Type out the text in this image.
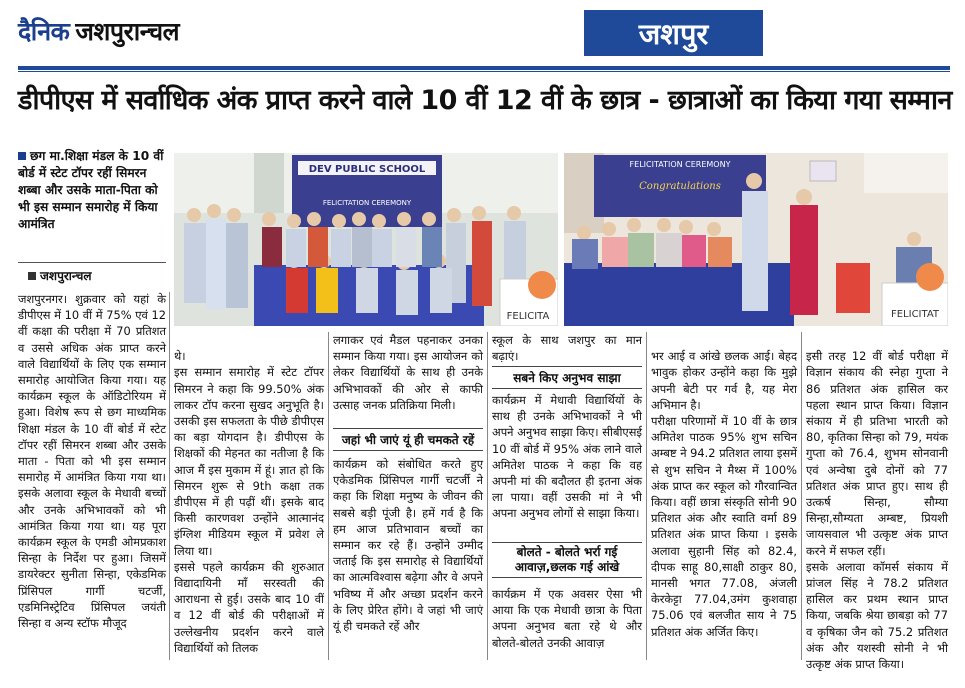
दैनिक जशपुरान्चल	जशपुर
डीपीएस में सर्वाधिक अंक प्राप्त करने वाले 10 वीं 12 वीं के छात्र - छात्राओं का किया गया सम्मान
छग मा.शिक्षा मंडल के 10 वीं बोर्ड में स्टेट टॉपर रहीं सिमरन शब्बा और उसके माता-पिता को भी इस सम्मान समारोह में किया आमंत्रित
जशपुरान्चल
DEV PUBLIC SCHOOL
FELICITATION CEREMONY
FELICITA
FELICITATION CEREMONY
Congratulations
FELICITAT

जशपुरनगर। शुक्रवार को यहां के डीपीएस में 10 वीं में 75% एवं 12 वीं कक्षा की परीक्षा में 70 प्रतिशत व उससे अधिक अंक प्राप्त करने वाले विद्यार्थियों के लिए एक सम्मान समारोह आयोजित किया गया। यह कार्यक्रम स्कूल के ऑडिटोरियम में हुआ। विशेष रूप से छग माध्यमिक शिक्षा मंडल के 10 वीं बोर्ड में स्टेट टॉपर रहीं सिमरन शब्बा और उसके माता - पिता को भी इस सम्मान समारोह में आमंत्रित किया गया था। इसके अलावा स्कूल के मेधावी बच्चों और उनके अभिभावकों को भी आमंत्रित किया गया था। यह पूरा कार्यक्रम स्कूल के एमडी ओमप्रकाश सिन्हा के निर्देश पर हुआ। जिसमें डायरेक्टर सुनीता सिन्हा, एकेडमिक प्रिंसिपल गार्गी चटर्जी, एडमिनिस्ट्रेटिव प्रिंसिपल जयंती सिन्हा व अन्य स्टॉफ मौजूद

थे।
इस सम्मान समारोह में स्टेट टॉपर सिमरन ने कहा कि 99.50% अंक लाकर टॉप करना सुखद अनुभूति है। उसकी इस सफलता के पीछे डीपीएस का बड़ा योगदान है। डीपीएस के शिक्षकों की मेहनत का नतीजा है कि आज मैं इस मुकाम में हूं। ज्ञात हो कि सिमरन शुरू से 9th कक्षा तक डीपीएस में ही पढ़ीं थीं। इसके बाद किसी कारणवश उन्होंने आत्मानंद इंग्लिश मीडियम स्कूल में प्रवेश ले लिया था।
इससे पहले कार्यक्रम की शुरुआत विद्यादायिनी माँ सरस्वती की आराधना से हुई। उसके बाद 10 वीं व 12 वीं बोर्ड की परीक्षाओं में उल्लेखनीय प्रदर्शन करने वाले विद्यार्थियों को तिलक

लगाकर एवं मैडल पहनाकर उनका सम्मान किया गया। इस आयोजन को लेकर विद्यार्थियों के साथ ही उनके अभिभावकों की ओर से काफी उत्साह जनक प्रतिक्रिया मिली।

जहां भी जाएं यूं ही चमकते रहें

कार्यक्रम को संबोधित करते हुए एकेडमिक प्रिंसिपल गार्गी चटर्जी ने कहा कि शिक्षा मनुष्य के जीवन की सबसे बड़ी पूंजी है। हमें गर्व है कि हम आज प्रतिभावान बच्चों का सम्मान कर रहे हैं। उन्होंने उम्मीद जताई कि इस समारोह से विद्यार्थियों का आत्मविश्वास बढ़ेगा और वे अपने भविष्य में और अच्छा प्रदर्शन करने के लिए प्रेरित होंगे। वे जहां भी जाएं यूं ही चमकते रहें और

स्कूल के साथ जशपुर का मान बढ़ाएं।

सबने किए अनुभव साझा

कार्यक्रम में मेधावी विद्यार्थियों के साथ ही उनके अभिभावकों ने भी अपने अनुभव साझा किए। सीबीएसई 10 वीं बोर्ड में 95% अंक लाने वाले अमितेश पाठक ने कहा कि वह अपनी मां की बदौलत ही इतना अंक ला पाया। वहीं उसकी मां ने भी अपना अनुभव लोगों से साझा किया।

बोलते - बोलते भर्रा गई आवाज़,छलक गई आंखे

कार्यक्रम में एक अवसर ऐसा भी आया कि एक मेधावी छात्रा के पिता अपना अनुभव बता रहे थे और बोलते-बोलते उनकी आवाज़

भर आई व आंखे छलक आई। बेहद भावुक होकर उन्होंने कहा कि मुझे अपनी बेटी पर गर्व है, यह मेरा अभिमान है।
परीक्षा परिणामों में 10 वीं के छात्र अमितेश पाठक 95% शुभ सचिन अम्बष्ट ने 94.2 प्रतिशत लाया इसमें से शुभ सचिन ने मैथ्स में 100% अंक प्राप्त कर स्कूल को गौरवान्वित किया। वहीं छात्रा संस्कृति सोनी 90 प्रतिशत अंक और स्वाति वर्मा 89 प्रतिशत अंक प्राप्त किया । इसके अलावा सुहानी सिंह को 82.4, दीपक साहू 80,साक्षी ठाकुर 80, मानसी भगत 77.08, अंजली केरकेट्टा 77.04,उमंग कुशवाहा 75.06 एवं बलजीत साय ने 75 प्रतिशत अंक अर्जित किए।

इसी तरह 12 वीं बोर्ड परीक्षा में विज्ञान संकाय की स्नेहा गुप्ता ने 86 प्रतिशत अंक हासिल कर पहला स्थान प्राप्त किया। विज्ञान संकाय में ही प्रतिभा भारती को 80, कृतिका सिन्हा को 79, मयंक गुप्ता को 76.4, शुभम सोनवानी एवं अन्वेषा दुबे दोनों को 77 प्रतिशत अंक प्राप्त हुए। साथ ही उत्कर्ष सिन्हा, सौम्या सिन्हा,सौम्यता अम्बष्ट, प्रियशी जायसवाल भी उत्कृष्ट अंक प्राप्त करने में सफल रहीं।
इसके अलावा कॉमर्स संकाय में प्रांजल सिंह ने 78.2 प्रतिशत हासिल कर प्रथम स्थान प्राप्त किया, जबकि श्रेया छाबड़ा को 77 व कृषिका जैन को 75.2 प्रतिशत अंक और यशस्वी सोनी ने भी उत्कृष्ट अंक प्राप्त किया।
